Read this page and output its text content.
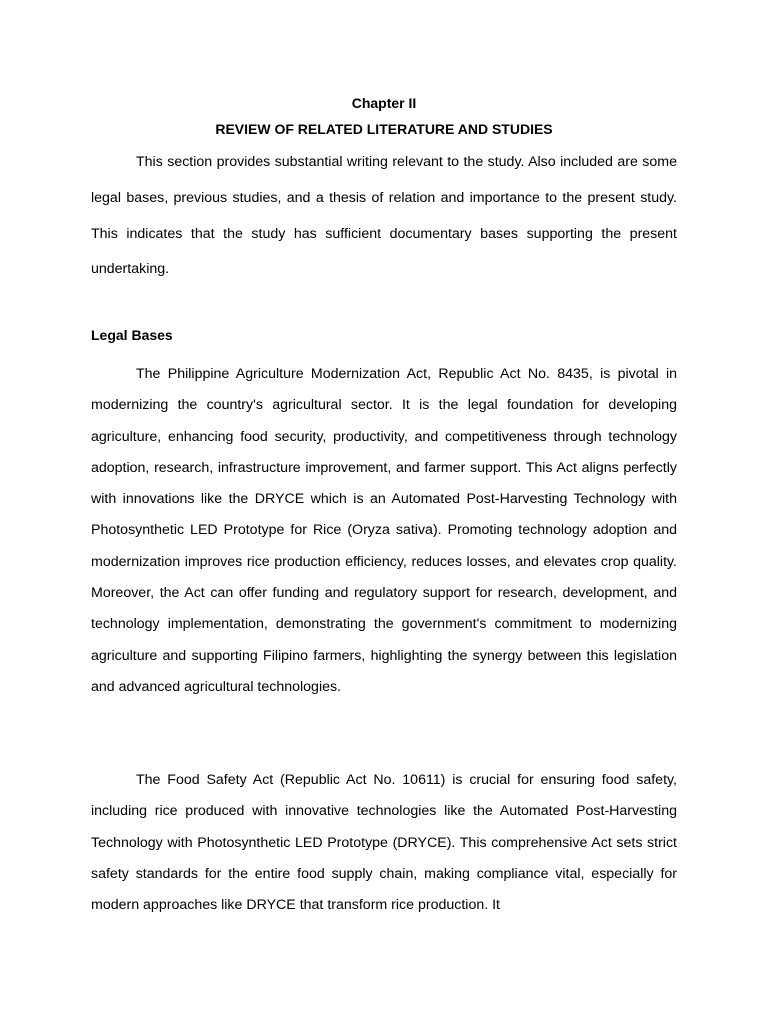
Chapter II
REVIEW OF RELATED LITERATURE AND STUDIES

This section provides substantial writing relevant to the study. Also included are some legal bases, previous studies, and a thesis of relation and importance to the present study. This indicates that the study has sufficient documentary bases supporting the present undertaking.

Legal Bases

The Philippine Agriculture Modernization Act, Republic Act No. 8435, is pivotal in modernizing the country's agricultural sector. It is the legal foundation for developing agriculture, enhancing food security, productivity, and competitiveness through technology adoption, research, infrastructure improvement, and farmer support. This Act aligns perfectly with innovations like the DRYCE which is an Automated Post-Harvesting Technology with Photosynthetic LED Prototype for Rice (Oryza sativa). Promoting technology adoption and modernization improves rice production efficiency, reduces losses, and elevates crop quality. Moreover, the Act can offer funding and regulatory support for research, development, and technology implementation, demonstrating the government's commitment to modernizing agriculture and supporting Filipino farmers, highlighting the synergy between this legislation and advanced agricultural technologies.

The Food Safety Act (Republic Act No. 10611) is crucial for ensuring food safety, including rice produced with innovative technologies like the Automated Post-Harvesting Technology with Photosynthetic LED Prototype (DRYCE). This comprehensive Act sets strict safety standards for the entire food supply chain, making compliance vital, especially for modern approaches like DRYCE that transform rice production. It
